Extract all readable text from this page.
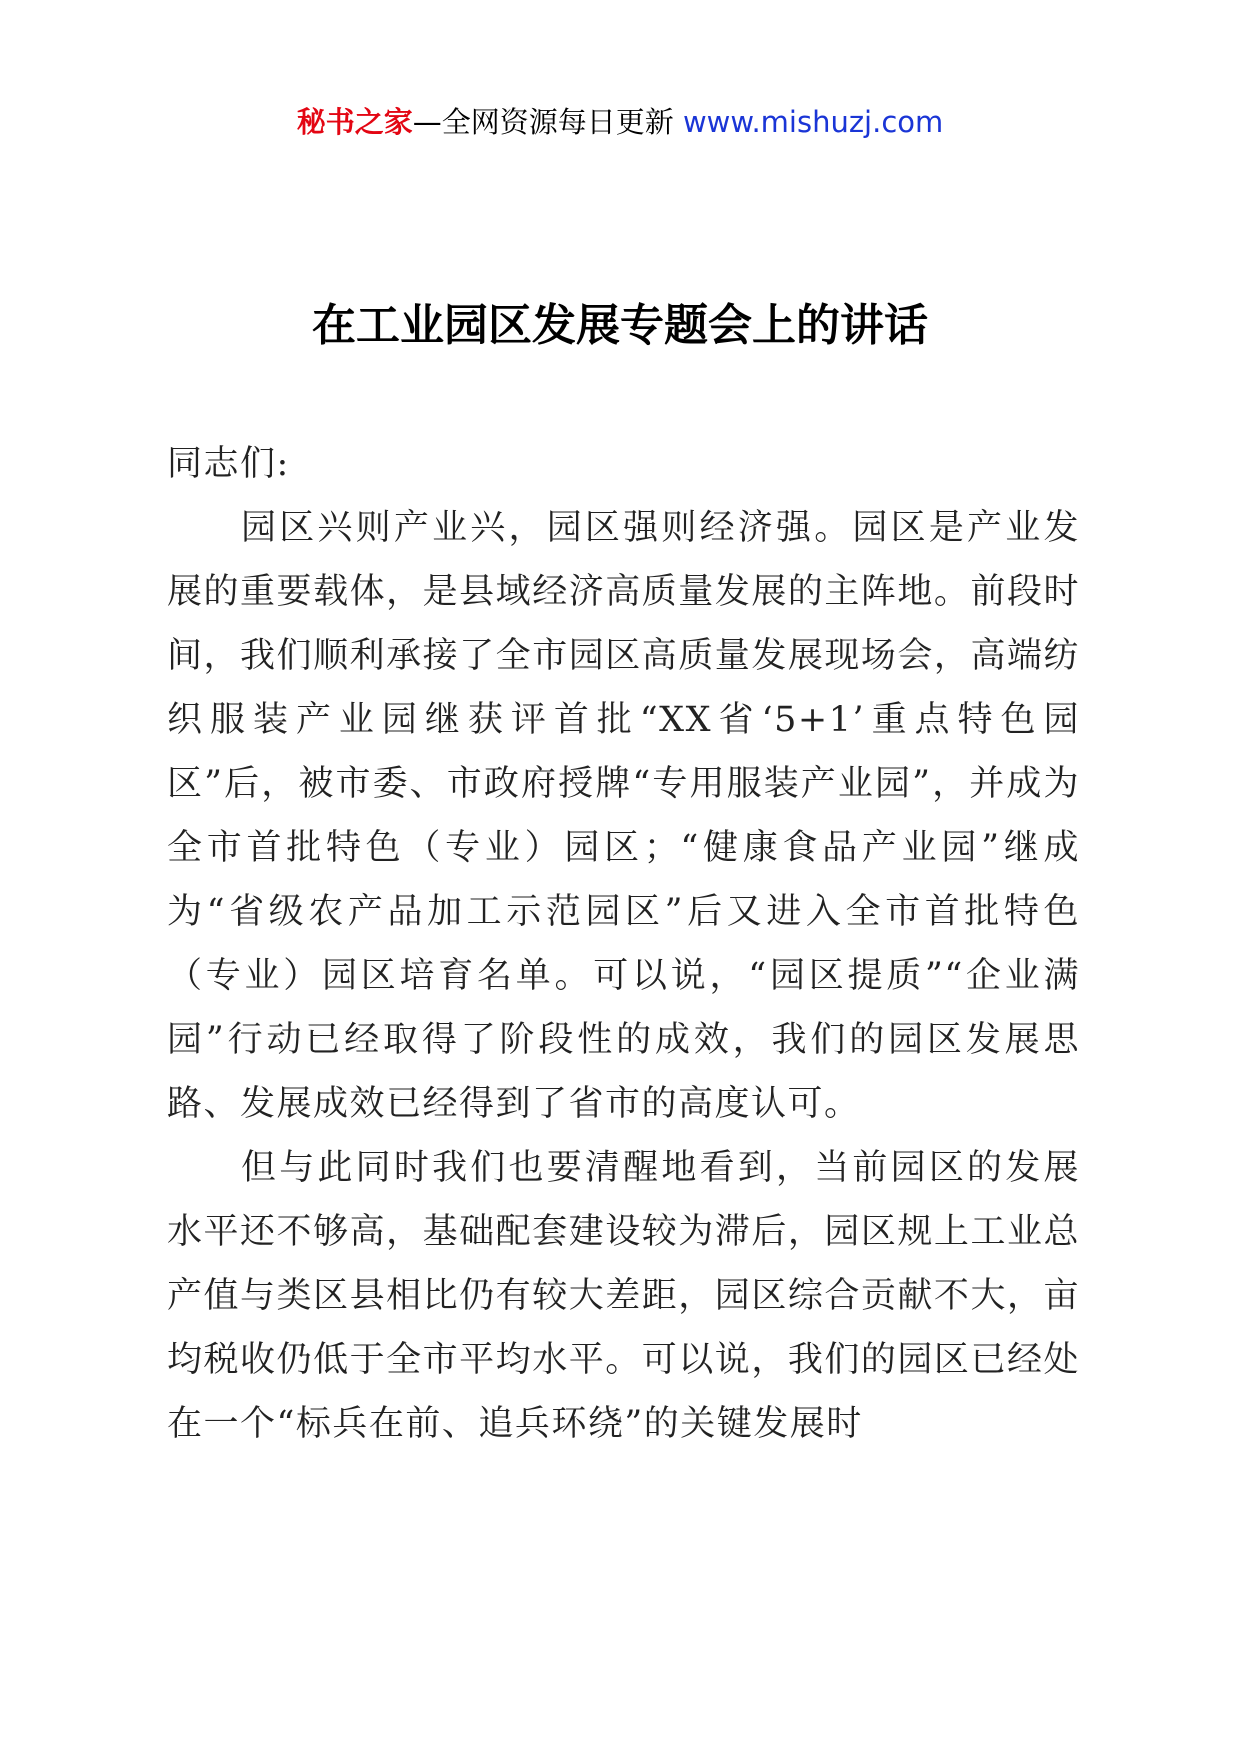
秘书之家—全网资源每日更新 www.mishuzj.com
在工业园区发展专题会上的讲话

同志们:

园区兴则产业兴，园区强则经济强。园区是产业发展的重要载体，是县域经济高质量发展的主阵地。前段时间，我们顺利承接了全市园区高质量发展现场会，高端纺织服装产业园继获评首批“XX省‘5+1’重点特色园区”后，被市委、市政府授牌“专用服装产业园”，并成为全市首批特色（专业）园区；“健康食品产业园”继成为“省级农产品加工示范园区”后又进入全市首批特色（专业）园区培育名单。可以说，“园区提质”“企业满园”行动已经取得了阶段性的成效，我们的园区发展思路、发展成效已经得到了省市的高度认可。

但与此同时我们也要清醒地看到，当前园区的发展水平还不够高，基础配套建设较为滞后，园区规上工业总产值与类区县相比仍有较大差距，园区综合贡献不大，亩均税收仍低于全市平均水平。可以说，我们的园区已经处在一个“标兵在前、追兵环绕”的关键发展时
